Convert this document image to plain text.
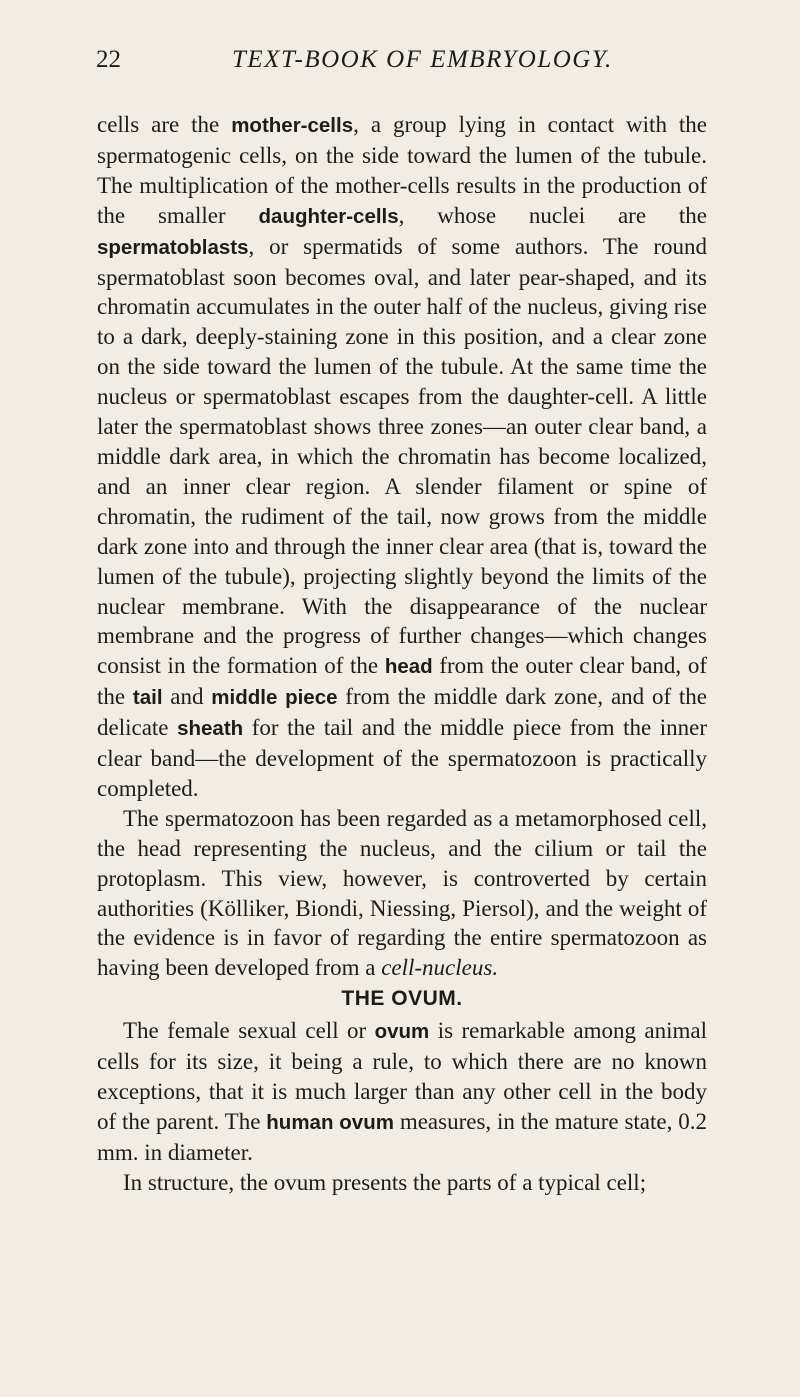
22	TEXT-BOOK OF EMBRYOLOGY.

cells are the mother-cells, a group lying in contact with the spermatogenic cells, on the side toward the lumen of the tubule. The multiplication of the mother-cells results in the production of the smaller daughter-cells, whose nuclei are the spermatoblasts, or spermatids of some authors. The round spermatoblast soon becomes oval, and later pear-shaped, and its chromatin accumulates in the outer half of the nucleus, giving rise to a dark, deeply-staining zone in this position, and a clear zone on the side toward the lumen of the tubule. At the same time the nucleus or spermatoblast escapes from the daughter-cell. A little later the spermatoblast shows three zones—an outer clear band, a middle dark area, in which the chromatin has become localized, and an inner clear region. A slender filament or spine of chromatin, the rudiment of the tail, now grows from the middle dark zone into and through the inner clear area (that is, toward the lumen of the tubule), projecting slightly beyond the limits of the nuclear membrane. With the disappearance of the nuclear membrane and the progress of further changes—which changes consist in the formation of the head from the outer clear band, of the tail and middle piece from the middle dark zone, and of the delicate sheath for the tail and the middle piece from the inner clear band—the development of the spermatozoon is practically completed.

The spermatozoon has been regarded as a metamorphosed cell, the head representing the nucleus, and the cilium or tail the protoplasm. This view, however, is controverted by certain authorities (Kölliker, Biondi, Niessing, Piersol), and the weight of the evidence is in favor of regarding the entire spermatozoon as having been developed from a cell-nucleus.

THE OVUM.

The female sexual cell or ovum is remarkable among animal cells for its size, it being a rule, to which there are no known exceptions, that it is much larger than any other cell in the body of the parent. The human ovum measures, in the mature state, 0.2 mm. in diameter.

In structure, the ovum presents the parts of a typical cell;
